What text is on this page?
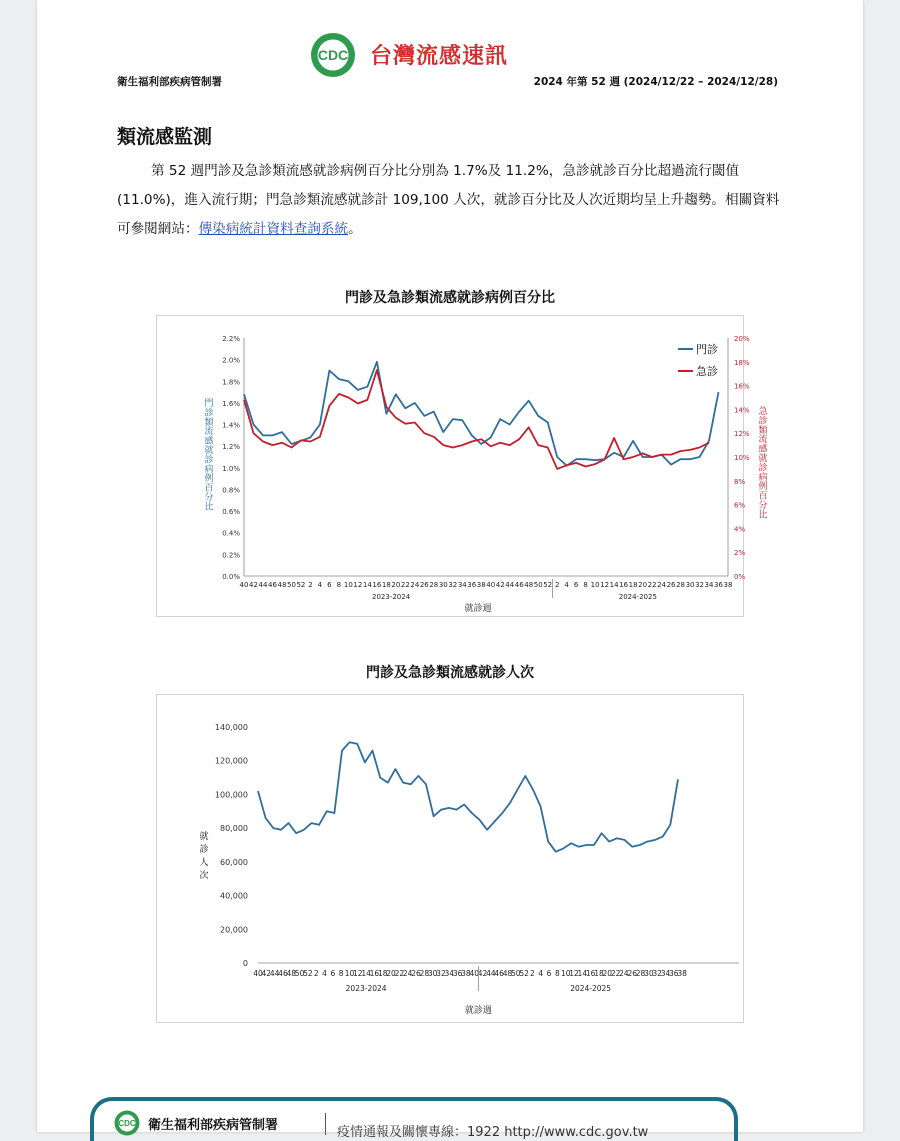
CDC 台灣流感速訊
衛生福利部疾病管制署	2024 年第 52 週 (2024/12/22 – 2024/12/28)
類流感監測
第 52 週門診及急診類流感就診病例百分比分別為 1.7%及 11.2%，急診就診百分比超過流行閾值(11.0%)，進入流行期；門急診類流感就診計 109,100 人次，就診百分比及人次近期均呈上升趨勢。相關資料可參閱網站：傳染病統計資料查詢系統。
門診及急診類流感就診病例百分比
0.0%
0.2%
0.4%
0.6%
0.8%
1.0%
1.2%
1.4%
1.6%
1.8%
2.0%
2.2%
0%
2%
4%
6%
8%
10%
12%
14%
16%
18%
20%
40 42 44 46 48 50 52 2 4 6 8 10 12 14 16 18 20 22 24 26 28 30 32 34 36 38 40 42 44 46 48 50 52 2 4 6 8 10 12 14 16 18 20 22 24 26 28 30 32 34 36 38
2023-2024	2024-2025
就診週
門
診
類
流
感
就
診
病
例
百
分
比
急
診
類
流
感
就
診
病
例
百
分
比
門診
急診
門診及急診類流感就診人次
0
20,000
40,000
60,000
80,000
100,000
120,000
140,000
40
42
44
46
48
50
52 2 4 6 8 10
12
14
16
18
20
22
24
26
28
30
32
34
36
38
40
42
44
46
48
50
52 2 4 6 8 10
12
14
16
18
20
22
24
26
28
30
32
34
36
38
2023-2024	2024-2025
就診週
就
診
人
次
CDC 衛生福利部疾病管制署	疫情通報及關懷專線：1922 http://www.cdc.gov.tw
